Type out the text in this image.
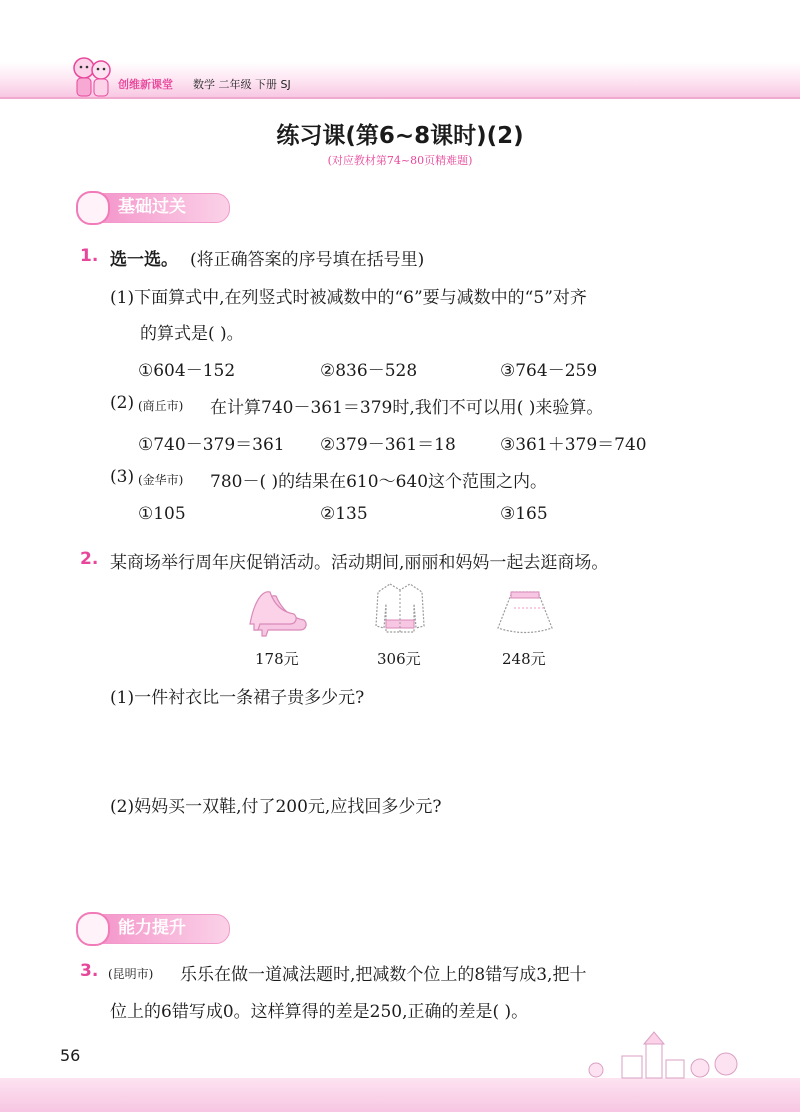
创维新课堂 数学 二年级 下册 SJ
练习课(第6~8课时)(2)
(对应教材第74~80页精难题)
基础过关
1. 选一选。 (将正确答案的序号填在括号里)
(1)下面算式中,在列竖式时被减数中的“6”要与减数中的“5”对齐
的算式是( )。
①604－152	②836－528	③764－259
(2) (商丘市) 在计算740－361＝379时,我们不可以用( )来验算。
①740－379＝361 ②379－361＝18	③361＋379＝740
(3) (金华市) 780－( )的结果在610～640这个范围之内。
①105	②135	③165
2. 某商场举行周年庆促销活动。活动期间,丽丽和妈妈一起去逛商场。
178元	306元	248元
(1)一件衬衣比一条裙子贵多少元?
(2)妈妈买一双鞋,付了200元,应找回多少元?
能力提升
3. (昆明市) 乐乐在做一道减法题时,把减数个位上的8错写成3,把十
位上的6错写成0。这样算得的差是250,正确的差是( )。
56
